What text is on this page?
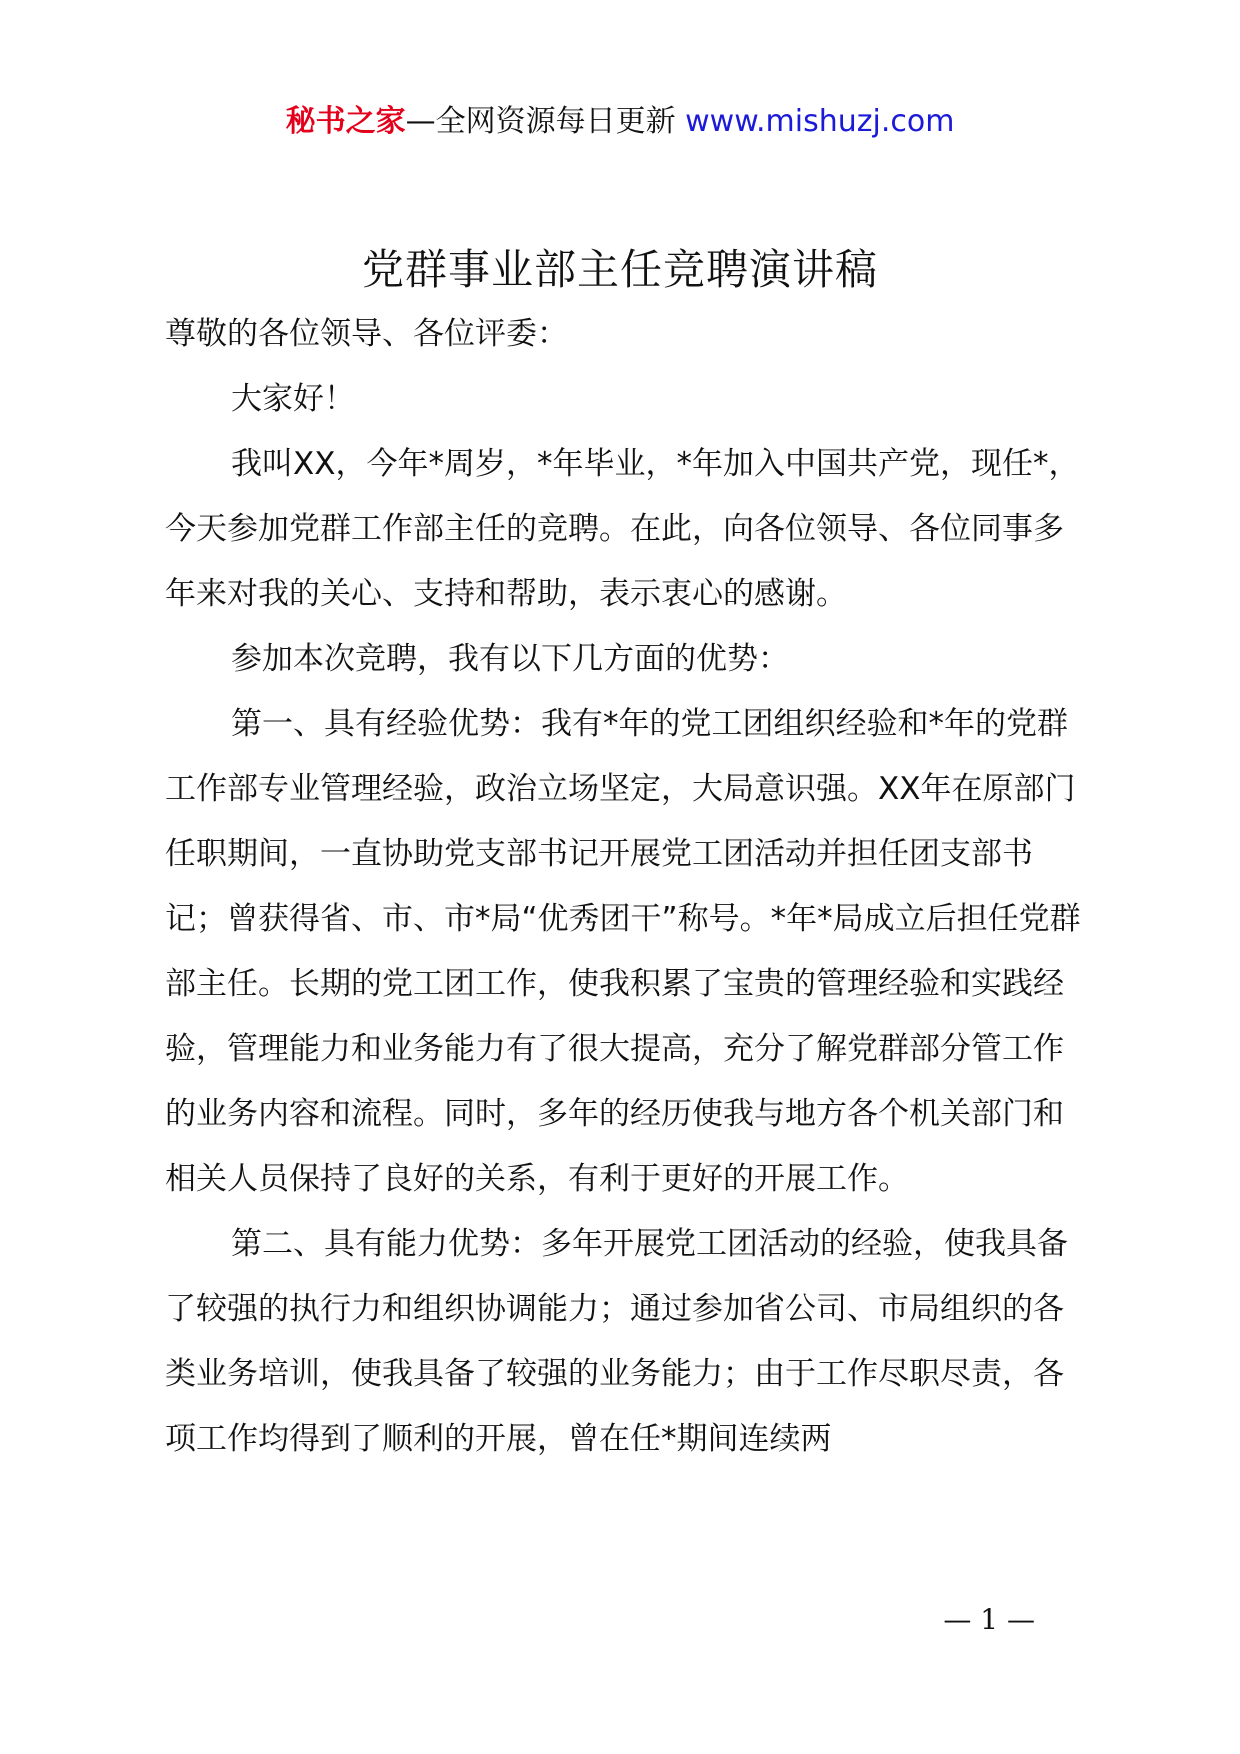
秘书之家—全网资源每日更新 www.mishuzj.com
党群事业部主任竞聘演讲稿

尊敬的各位领导、各位评委：

大家好！

我叫XX，今年*周岁，*年毕业，*年加入中国共产党，现任*，今天参加党群工作部主任的竞聘。在此，向各位领导、各位同事多年来对我的关心、支持和帮助，表示衷心的感谢。

参加本次竞聘，我有以下几方面的优势：

第一、具有经验优势：我有*年的党工团组织经验和*年的党群工作部专业管理经验，政治立场坚定，大局意识强。XX年在原部门任职期间，一直协助党支部书记开展党工团活动并担任团支部书记；曾获得省、市、市*局“优秀团干”称号。*年*局成立后担任党群部主任。长期的党工团工作，使我积累了宝贵的管理经验和实践经验，管理能力和业务能力有了很大提高，充分了解党群部分管工作的业务内容和流程。同时，多年的经历使我与地方各个机关部门和相关人员保持了良好的关系，有利于更好的开展工作。

第二、具有能力优势：多年开展党工团活动的经验，使我具备了较强的执行力和组织协调能力；通过参加省公司、市局组织的各类业务培训，使我具备了较强的业务能力；由于工作尽职尽责，各项工作均得到了顺利的开展，曾在任*期间连续两

— 1 —
